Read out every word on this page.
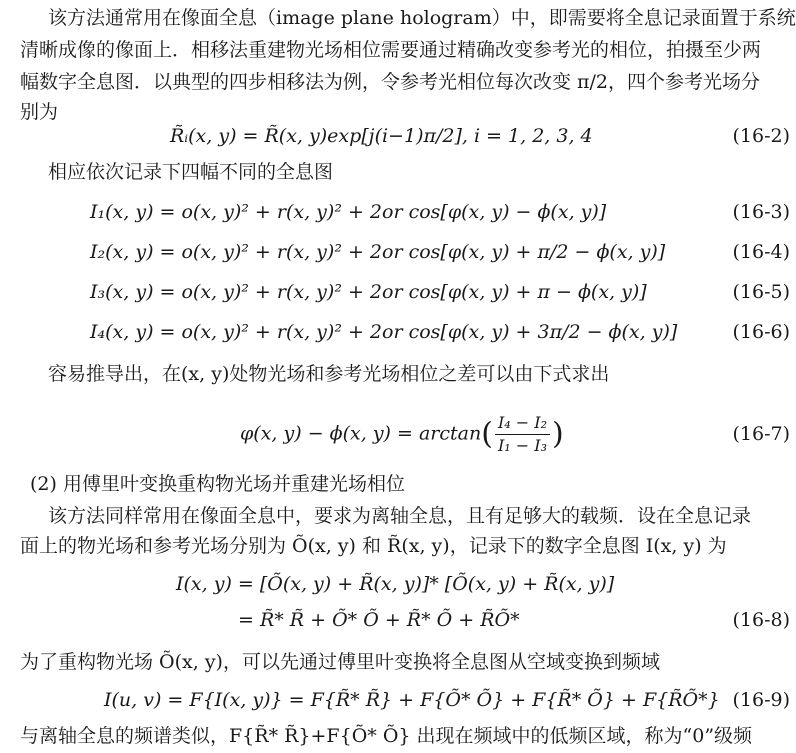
该方法通常用在像面全息（image plane hologram）中，即需要将全息记录面置于系统
清晰成像的像面上．相移法重建物光场相位需要通过精确改变参考光的相位，拍摄至少两
幅数字全息图．以典型的四步相移法为例，令参考光相位每次改变 π/2，四个参考光场分
别为
R̃ᵢ(x, y) = R̃(x, y)exp[j(i−1)π/2], i = 1, 2, 3, 4	(16-2)
相应依次记录下四幅不同的全息图
I₁(x, y) = o(x, y)² + r(x, y)² + 2or cos[φ(x, y) − ϕ(x, y)]	(16-3)
I₂(x, y) = o(x, y)² + r(x, y)² + 2or cos[φ(x, y) + π/2 − ϕ(x, y)]	(16-4)
I₃(x, y) = o(x, y)² + r(x, y)² + 2or cos[φ(x, y) + π − ϕ(x, y)]	(16-5)
I₄(x, y) = o(x, y)² + r(x, y)² + 2or cos[φ(x, y) + 3π/2 − ϕ(x, y)]	(16-6)
容易推导出，在(x, y)处物光场和参考光场相位之差可以由下式求出
φ(x, y) − ϕ(x, $y) = \arctan( \frac{\text{I₄ − I₂}}{\text{I₁ − I₃}}$ )	(16-7)
(2) 用傅里叶变换重构物光场并重建光场相位
该方法同样常用在像面全息中，要求为离轴全息，且有足够大的载频．设在全息记录
面上的物光场和参考光场分别为 Õ(x, y) 和 R̃(x, y)，记录下的数字全息图 I(x, y) 为
I(x, y) = [Õ(x, y) + R̃(x, y)]* [Õ(x, y) + R̃(x, y)]
= R̃* R̃ + Õ* Õ + R̃* Õ + R̃Õ*	(16-8)
为了重构物光场 Õ(x, y)，可以先通过傅里叶变换将全息图从空域变换到频域
I(u, v) = F{I(x, y)} = F{R̃* R̃} + F{Õ* Õ} + F{R̃* Õ} + F{R̃Õ*} (16-9)
与离轴全息的频谱类似，F{R̃* R̃}+F{Õ* Õ} 出现在频域中的低频区域，称为“0”级频
